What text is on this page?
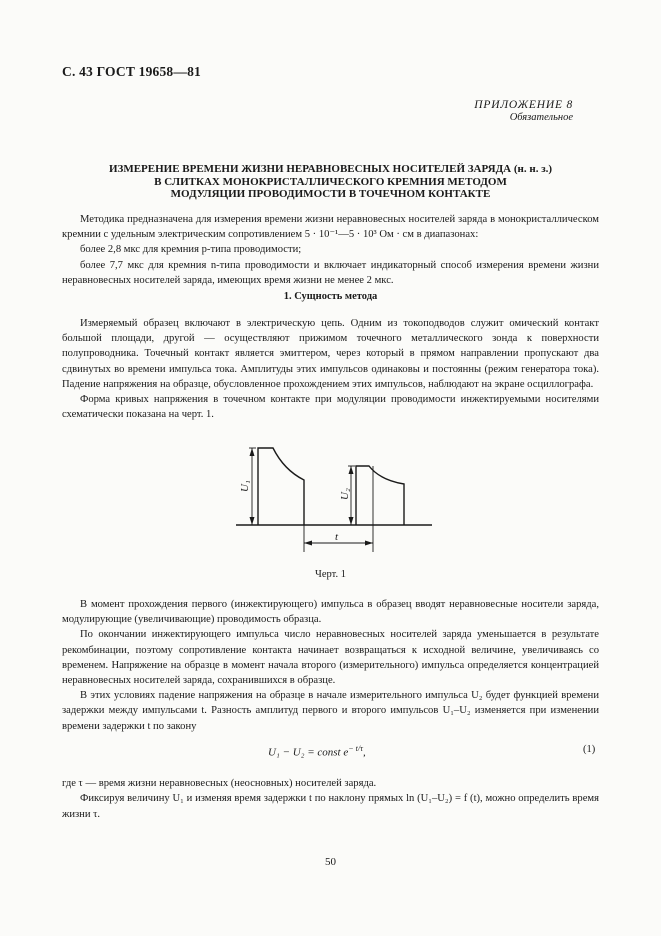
С. 43 ГОСТ 19658—81
ПРИЛОЖЕНИЕ 8
Обязательное
ИЗМЕРЕНИЕ ВРЕМЕНИ ЖИЗНИ НЕРАВНОВЕСНЫХ НОСИТЕЛЕЙ ЗАРЯДА (н. н. з.)
В СЛИТКАХ МОНОКРИСТАЛЛИЧЕСКОГО КРЕМНИЯ МЕТОДОМ
МОДУЛЯЦИИ ПРОВОДИМОСТИ В ТОЧЕЧНОМ КОНТАКТЕ

Методика предназначена для измерения времени жизни неравновесных носителей заряда в монокристаллическом кремнии с удельным электрическим сопротивлением 5 · 10⁻¹—5 · 10³ Ом · см в диапазонах:

более 2,8 мкс для кремния p-типа проводимости;

более 7,7 мкс для кремния n-типа проводимости и включает индикаторный способ измерения времени жизни неравновесных носителей заряда, имеющих время жизни не менее 2 мкс.

1. Сущность метода

Измеряемый образец включают в электрическую цепь. Одним из токоподводов служит омический контакт большой площади, другой — осуществляют прижимом точечного металлического зонда к поверхности полупроводника. Точечный контакт является эмиттером, через который в прямом направлении пропускают два сдвинутых во времени импульса тока. Амплитуды этих импульсов одинаковы и постоянны (режим генератора тока). Падение напряжения на образце, обусловленное прохождением этих импульсов, наблюдают на экране осциллографа.

Форма кривых напряжения в точечном контакте при модуляции проводимости инжектируемыми носителями схематически показана на черт. 1.

U₁
U₂
t
Черт. 1

В момент прохождения первого (инжектирующего) импульса в образец вводят неравновесные носители заряда, модулирующие (увеличивающие) проводимость образца.

По окончании инжектирующего импульса число неравновесных носителей заряда уменьшается в результате рекомбинации, поэтому сопротивление контакта начинает возвращаться к исходной величине, увеличиваясь со временем. Напряжение на образце в момент начала второго (измерительного) импульса определяется концентрацией неравновесных носителей заряда, сохранившихся в образце.

В этих условиях падение напряжения на образце в начале измерительного импульса U₂ будет функцией времени задержки между импульсами t. Разность амплитуд первого и второго импульсов U₁–U₂ изменяется при изменении времени задержки t по закону

U₁ − U₂ = const $e^{- t/\tau}$,	(1)
где τ — время жизни неравновесных (неосновных) носителей заряда.

Фиксируя величину U₁ и изменяя время задержки t по наклону прямых ln (U₁–U₂) = f (t), можно определить время жизни τ.

50
